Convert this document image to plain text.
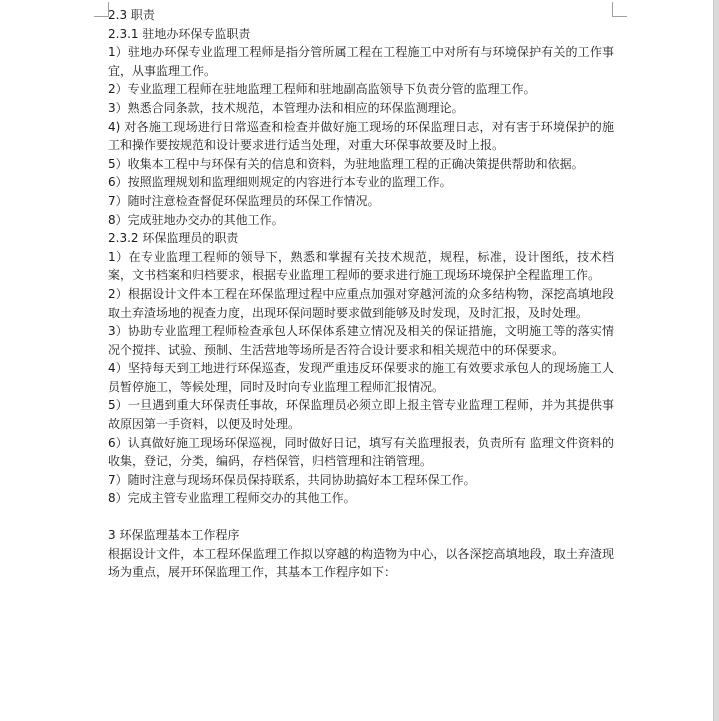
2.3 职责
2.3.1 驻地办环保专监职责
1）驻地办环保专业监理工程师是指分管所属工程在工程施工中对所有与环境保护有关的工作事宜，从事监理工作。
2）专业监理工程师在驻地监理工程师和驻地副高监领导下负责分管的监理工作。
3）熟悉合同条款，技术规范，本管理办法和相应的环保监测理论。
4) 对各施工现场进行日常巡查和检查并做好施工现场的环保监理日志，对有害于环境保护的施工和操作要按规范和设计要求进行适当处理，对重大环保事故要及时上报。
5）收集本工程中与环保有关的信息和资料，为驻地监理工程的正确决策提供帮助和依据。
6）按照监理规划和监理细则规定的内容进行本专业的监理工作。
7）随时注意检查督促环保监理员的环保工作情况。
8）完成驻地办交办的其他工作。
2.3.2 环保监理员的职责
1）在专业监理工程师的领导下，熟悉和掌握有关技术规范，规程，标准，设计图纸，技术档案，文书档案和归档要求，根据专业监理工程师的要求进行施工现场环境保护全程监理工作。
2）根据设计文件本工程在环保监理过程中应重点加强对穿越河流的众多结构物，深挖高填地段取土弃渣场地的视查力度，出现环保问题时要求做到能够及时发现，及时汇报，及时处理。
3）协助专业监理工程师检查承包人环保体系建立情况及相关的保证措施，文明施工等的落实情况个搅拌、试验、预制、生活营地等场所是否符合设计要求和相关规范中的环保要求。
4）坚持每天到工地进行环保巡查，发现严重违反环保要求的施工有效要求承包人的现场施工人员暂停施工，等候处理，同时及时向专业监理工程师汇报情况。
5）一旦遇到重大环保责任事故，环保监理员必须立即上报主管专业监理工程师，并为其提供事故原因第一手资料，以便及时处理。
6）认真做好施工现场环保巡视，同时做好日记，填写有关监理报表，负责所有 监理文件资料的收集，登记，分类，编码，存档保管，归档管理和注销管理。
7）随时注意与现场环保员保持联系，共同协助搞好本工程环保工作。
8）完成主管专业监理工程师交办的其他工作。
3 环保监理基本工作程序
根据设计文件，本工程环保监理工作拟以穿越的构造物为中心，以各深挖高填地段，取土弃渣现场为重点，展开环保监理工作，其基本工作程序如下：
